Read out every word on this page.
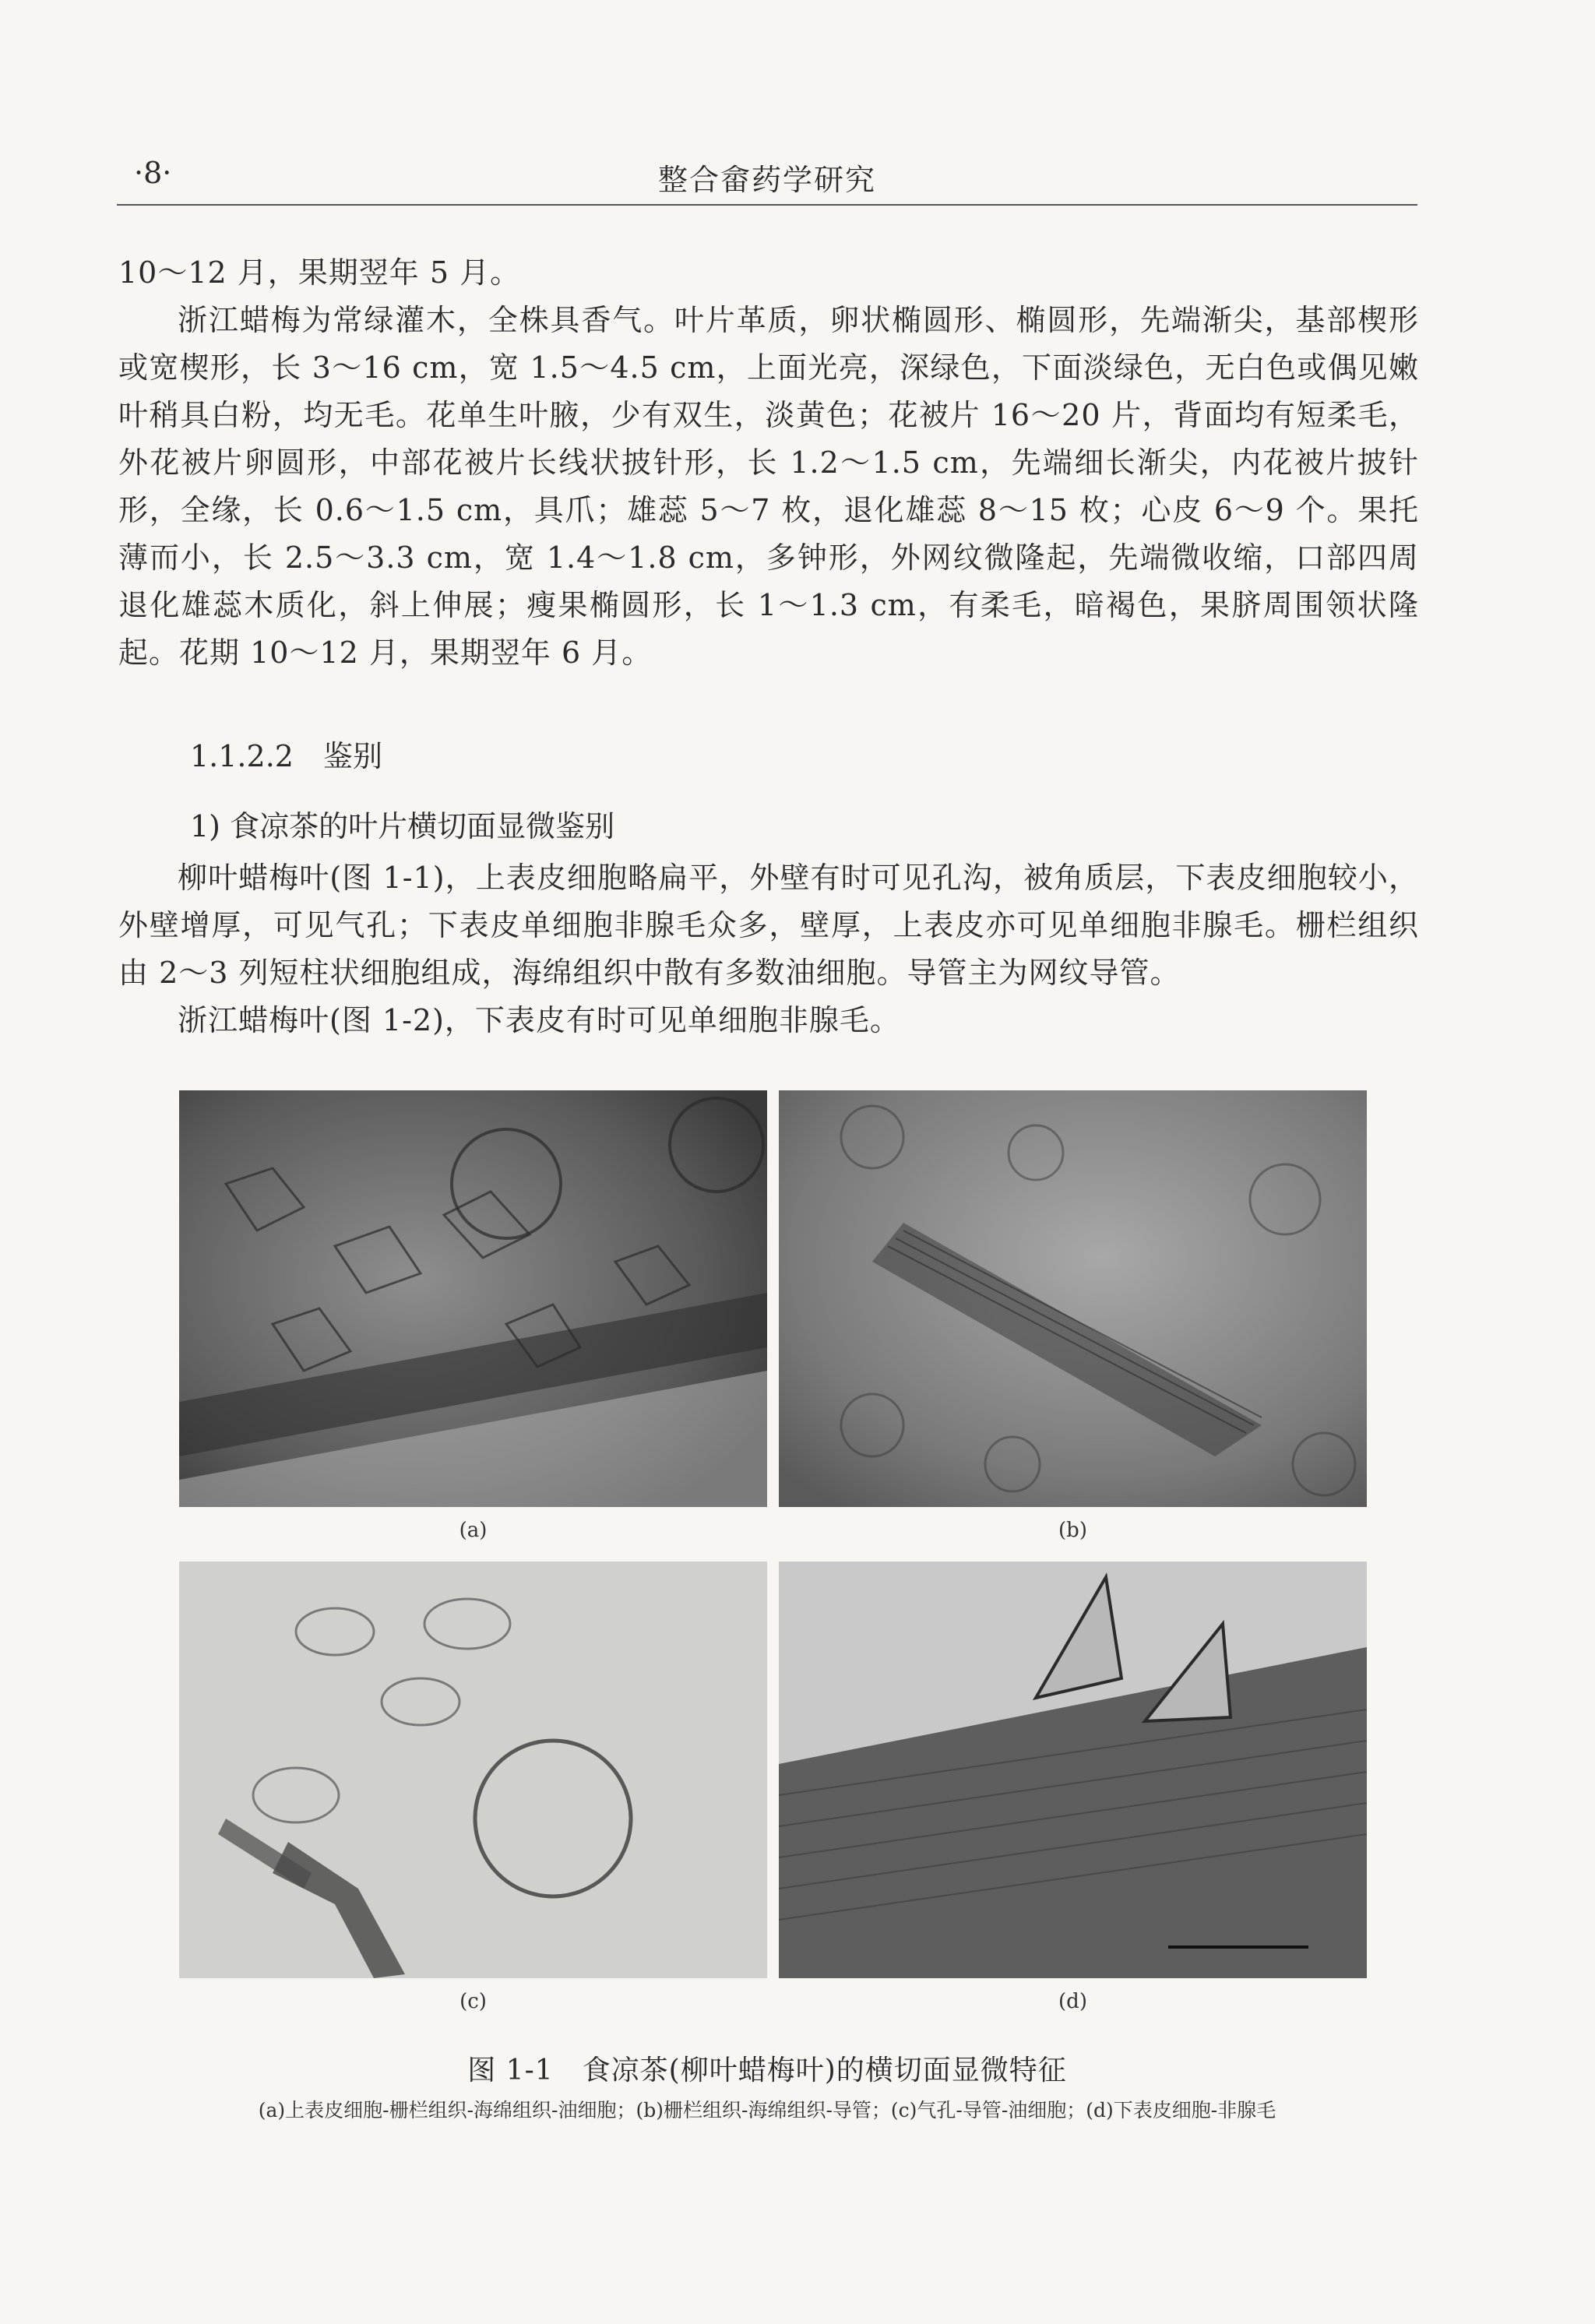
·8·	整合畲药学研究

10～12 月，果期翌年 5 月。

浙江蜡梅为常绿灌木，全株具香气。叶片革质，卵状椭圆形、椭圆形，先端渐尖，基部楔形或宽楔形，长 3～16 cm，宽 1.5～4.5 cm，上面光亮，深绿色，下面淡绿色，无白色或偶见嫩叶稍具白粉，均无毛。花单生叶腋，少有双生，淡黄色；花被片 16～20 片，背面均有短柔毛，外花被片卵圆形，中部花被片长线状披针形，长 1.2～1.5 cm，先端细长渐尖，内花被片披针形，全缘，长 0.6～1.5 cm，具爪；雄蕊 5～7 枚，退化雄蕊 8～15 枚；心皮 6～9 个。果托薄而小，长 2.5～3.3 cm，宽 1.4～1.8 cm，多钟形，外网纹微隆起，先端微收缩，口部四周退化雄蕊木质化，斜上伸展；瘦果椭圆形，长 1～1.3 cm，有柔毛，暗褐色，果脐周围领状隆起。花期 10～12 月，果期翌年 6 月。

1.1.2.2　鉴别
1) 食凉茶的叶片横切面显微鉴别

柳叶蜡梅叶(图 1-1)，上表皮细胞略扁平，外壁有时可见孔沟，被角质层，下表皮细胞较小，外壁增厚，可见气孔；下表皮单细胞非腺毛众多，壁厚，上表皮亦可见单细胞非腺毛。栅栏组织由 2～3 列短柱状细胞组成，海绵组织中散有多数油细胞。导管主为网纹导管。

浙江蜡梅叶(图 1-2)，下表皮有时可见单细胞非腺毛。

(a)	(b)
(c)	(d)
图 1-1　食凉茶(柳叶蜡梅叶)的横切面显微特征
(a)上表皮细胞-栅栏组织-海绵组织-油细胞；(b)栅栏组织-海绵组织-导管；(c)气孔-导管-油细胞；(d)下表皮细胞-非腺毛
